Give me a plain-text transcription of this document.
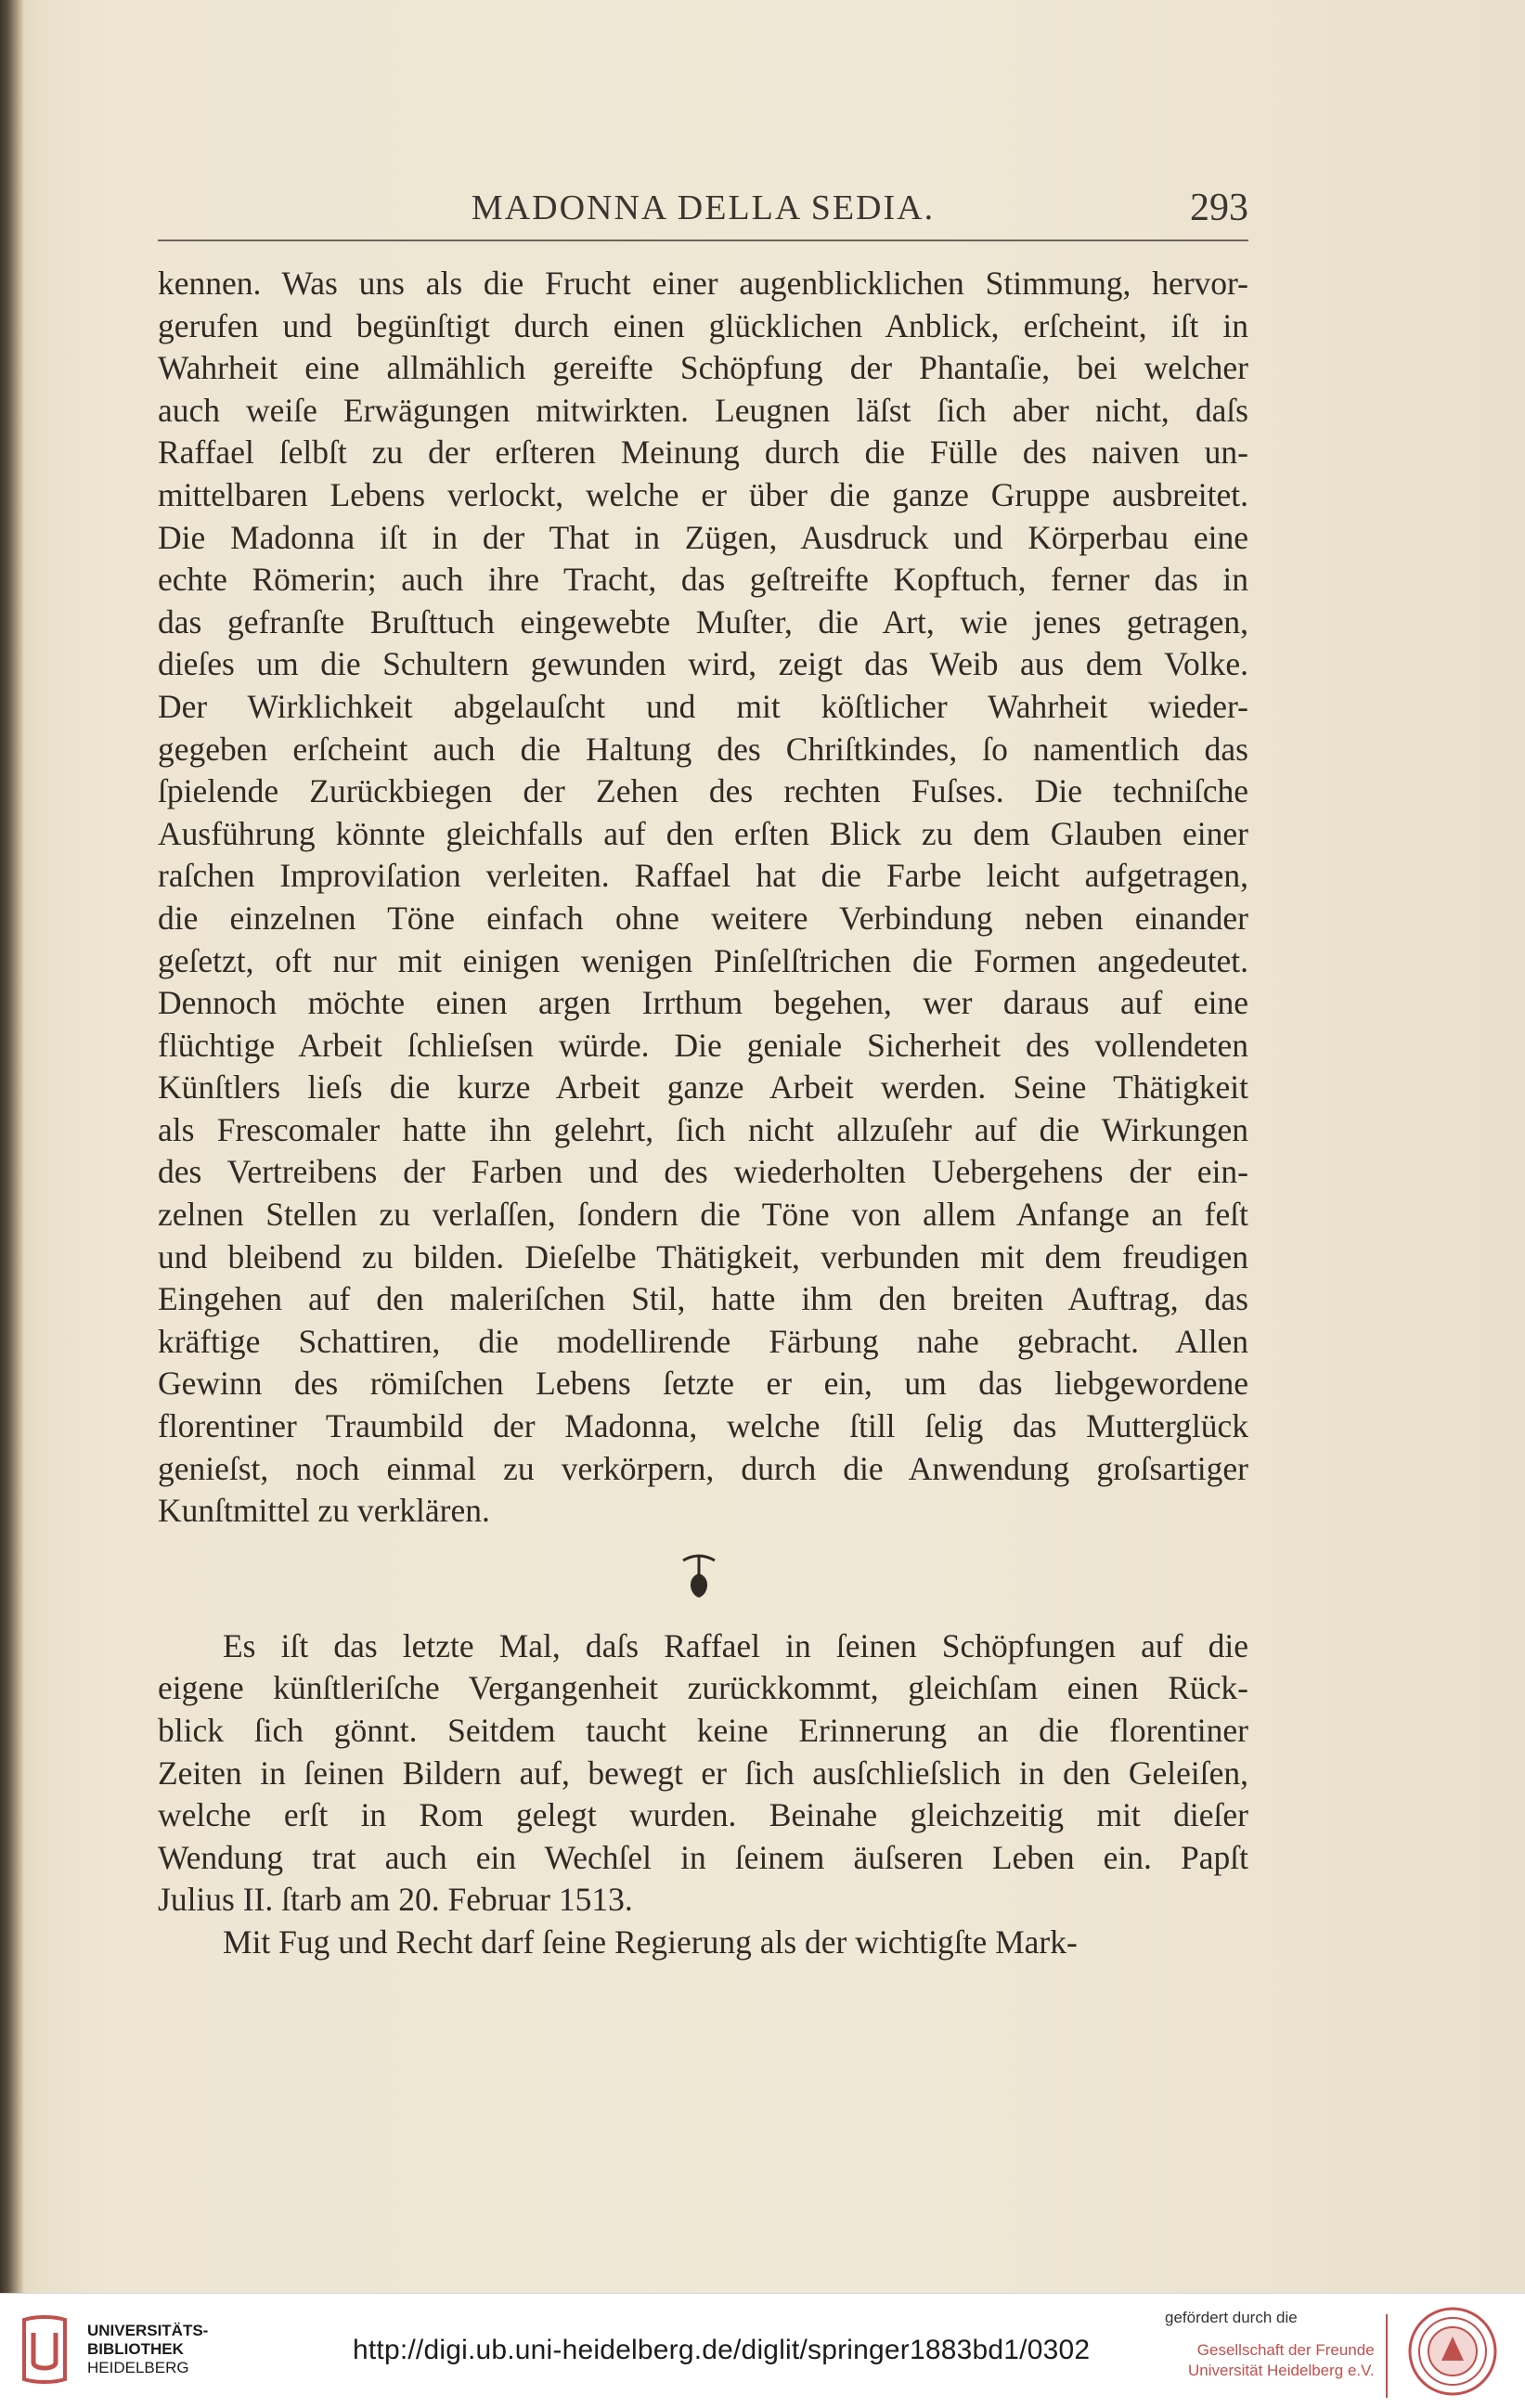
MADONNA DELLA SEDIA.	293
kennen. Was uns als die Frucht einer augenblicklichen Stimmung, hervor-
gerufen und begünſtigt durch einen glücklichen Anblick, erſcheint, iſt in
Wahrheit eine allmählich gereifte Schöpfung der Phantaſie, bei welcher
auch weiſe Erwägungen mitwirkten. Leugnen läſst ſich aber nicht, daſs
Raffael ſelbſt zu der erſteren Meinung durch die Fülle des naiven un-
mittelbaren Lebens verlockt, welche er über die ganze Gruppe ausbreitet.
Die Madonna iſt in der That in Zügen, Ausdruck und Körperbau eine
echte Römerin; auch ihre Tracht, das geſtreifte Kopftuch, ferner das in
das gefranſte Bruſttuch eingewebte Muſter, die Art, wie jenes getragen,
dieſes um die Schultern gewunden wird, zeigt das Weib aus dem Volke.
Der Wirklichkeit abgelauſcht und mit köſtlicher Wahrheit wieder-
gegeben erſcheint auch die Haltung des Chriſtkindes, ſo namentlich das
ſpielende Zurückbiegen der Zehen des rechten Fuſses. Die techniſche
Ausführung könnte gleichfalls auf den erſten Blick zu dem Glauben einer
raſchen Improviſation verleiten. Raffael hat die Farbe leicht aufgetragen,
die einzelnen Töne einfach ohne weitere Verbindung neben einander
geſetzt, oft nur mit einigen wenigen Pinſelſtrichen die Formen angedeutet.
Dennoch möchte einen argen Irrthum begehen, wer daraus auf eine
flüchtige Arbeit ſchlieſsen würde. Die geniale Sicherheit des vollendeten
Künſtlers lieſs die kurze Arbeit ganze Arbeit werden. Seine Thätigkeit
als Frescomaler hatte ihn gelehrt, ſich nicht allzuſehr auf die Wirkungen
des Vertreibens der Farben und des wiederholten Uebergehens der ein-
zelnen Stellen zu verlaſſen, ſondern die Töne von allem Anfange an feſt
und bleibend zu bilden. Dieſelbe Thätigkeit, verbunden mit dem freudigen
Eingehen auf den maleriſchen Stil, hatte ihm den breiten Auftrag, das
kräftige Schattiren, die modellirende Färbung nahe gebracht. Allen
Gewinn des römiſchen Lebens ſetzte er ein, um das liebgewordene
florentiner Traumbild der Madonna, welche ſtill ſelig das Mutterglück
genieſst, noch einmal zu verkörpern, durch die Anwendung groſsartiger
Kunſtmittel zu verklären.
Es iſt das letzte Mal, daſs Raffael in ſeinen Schöpfungen auf die
eigene künſtleriſche Vergangenheit zurückkommt, gleichſam einen Rück-
blick ſich gönnt. Seitdem taucht keine Erinnerung an die florentiner
Zeiten in ſeinen Bildern auf, bewegt er ſich ausſchlieſslich in den Geleiſen,
welche erſt in Rom gelegt wurden. Beinahe gleichzeitig mit dieſer
Wendung trat auch ein Wechſel in ſeinem äuſseren Leben ein. Papſt
Julius II. ſtarb am 20. Februar 1513.
Mit Fug und Recht darf ſeine Regierung als der wichtigſte Mark-
UNIVERSITÄTS-
BIBLIOTHEK
HEIDELBERG
http://digi.ub.uni-heidelberg.de/diglit/springer1883bd1/0302
gefördert durch die
Gesellschaft der Freunde
Universität Heidelberg e.V.
